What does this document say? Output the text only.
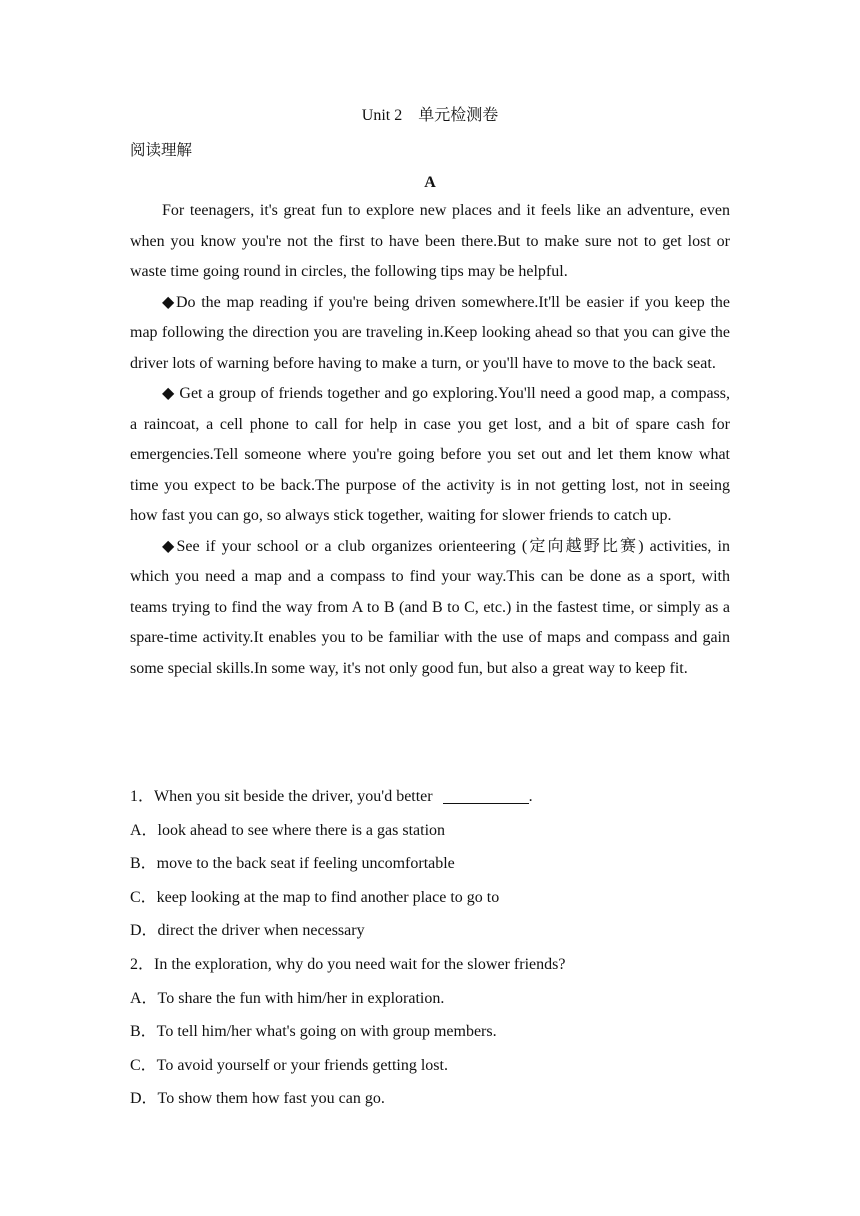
Unit 2　单元检测卷
阅读理解
A

For teenagers, it's great fun to explore new places and it feels like an adventure, even when you know you're not the first to have been there.But to make sure not to get lost or waste time going round in circles, the following tips may be helpful.

◆Do the map reading if you're being driven somewhere.It'll be easier if you keep the map following the direction you are traveling in.Keep looking ahead so that you can give the driver lots of warning before having to make a turn, or you'll have to move to the back seat.

◆ Get a group of friends together and go exploring.You'll need a good map, a compass, a raincoat, a cell phone to call for help in case you get lost, and a bit of spare cash for emergencies.Tell someone where you're going before you set out and let them know what time you expect to be back.The purpose of the activity is in not getting lost, not in seeing how fast you can go, so always stick together, waiting for slower friends to catch up.

◆See if your school or a club organizes orienteering (定向越野比赛) activities, in which you need a map and a compass to find your way.This can be done as a sport, with teams trying to find the way from A to B (and B to C, etc.) in the fastest time, or simply as a spare-time activity.It enables you to be familiar with the use of maps and compass and gain some special skills.In some way, it's not only good fun, but also a great way to keep fit.

1．When you sit beside the driver, you'd better	.
A．look ahead to see where there is a gas station
B．move to the back seat if feeling uncomfortable
C．keep looking at the map to find another place to go to
D．direct the driver when necessary
2．In the exploration, why do you need wait for the slower friends?
A．To share the fun with him/her in exploration.
B．To tell him/her what's going on with group members.
C．To avoid yourself or your friends getting lost.
D．To show them how fast you can go.
